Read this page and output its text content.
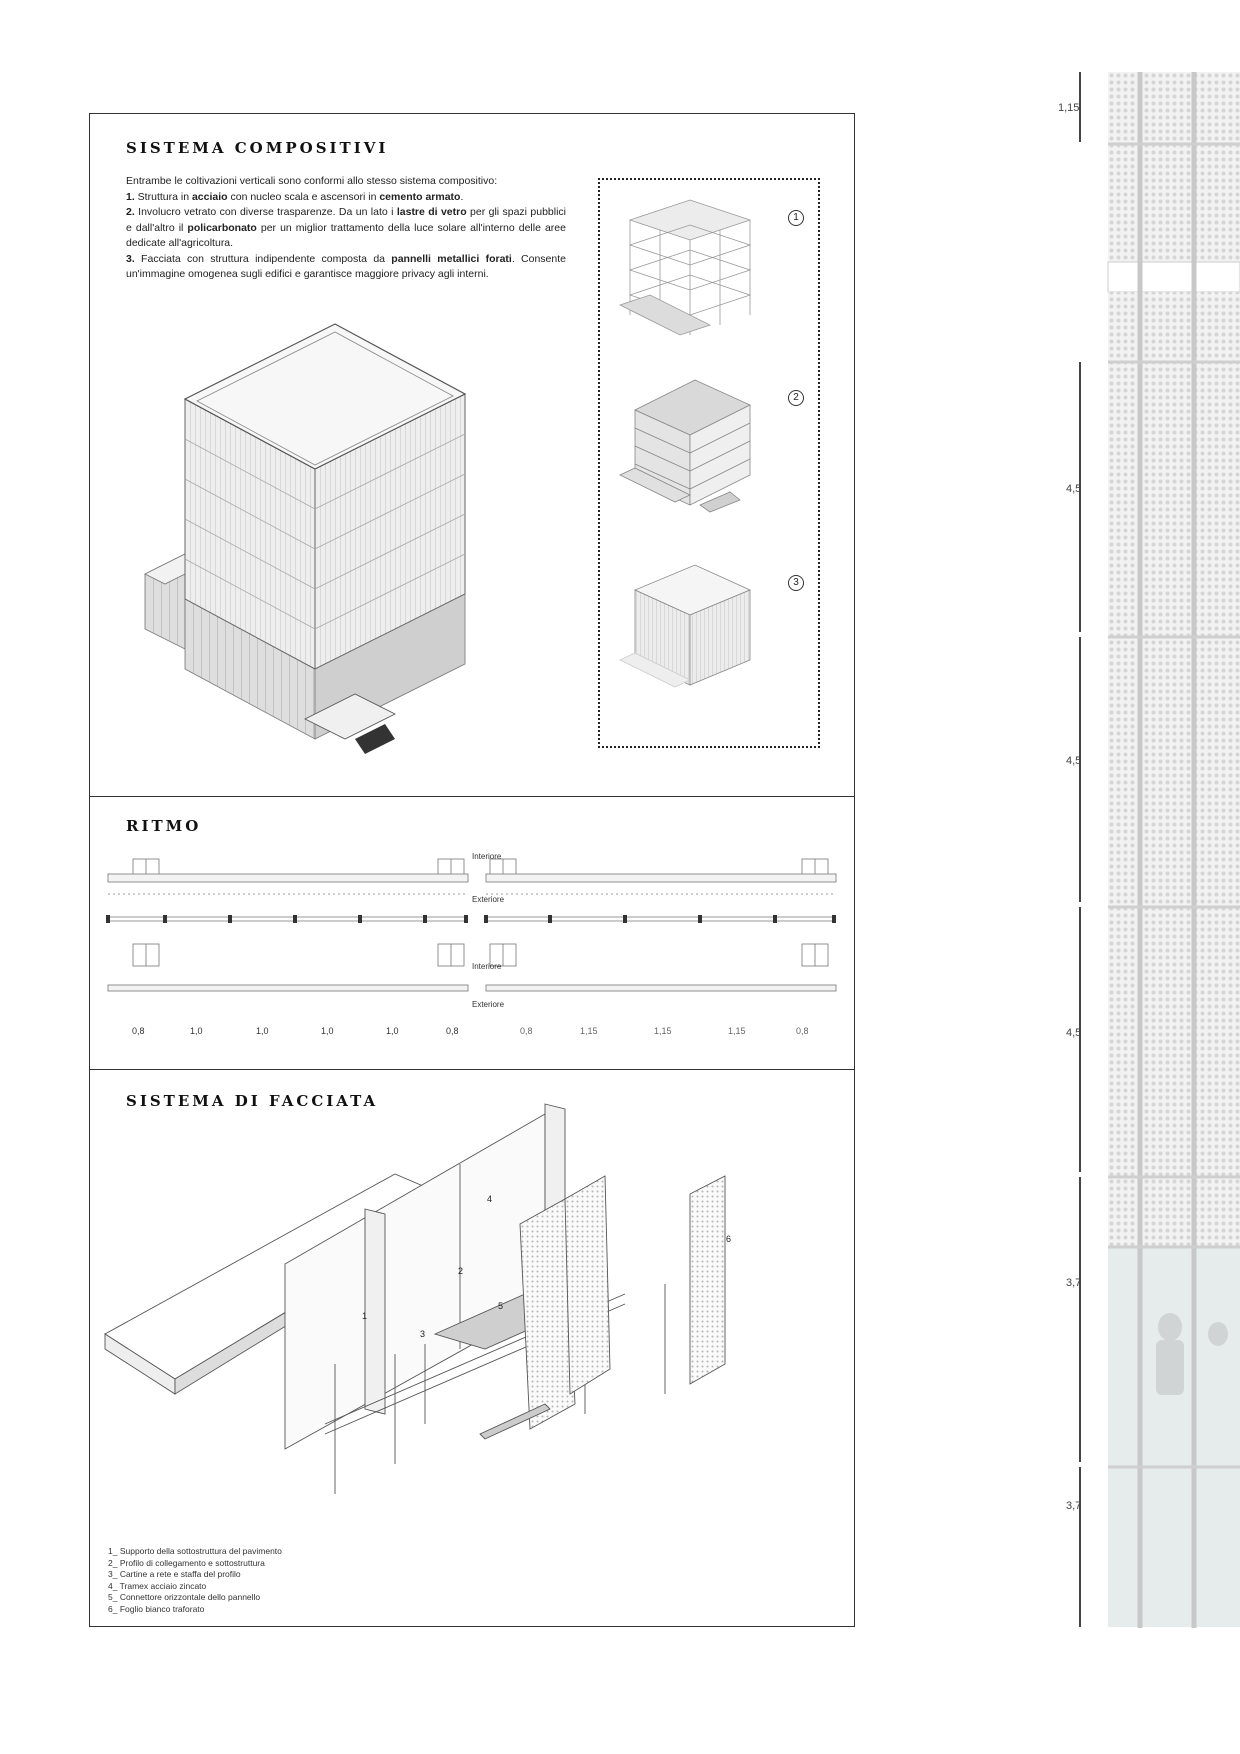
SISTEMA COMPOSITIVI

Entrambe le coltivazioni verticali sono conformi allo stesso sistema compositivo:

1. Struttura in acciaio con nucleo scala e ascensori in cemento armato.

2. Involucro vetrato con diverse trasparenze. Da un lato i lastre di vetro per gli spazi pubblici e dall'altro il policarbonato per un miglior trattamento della luce solare all'interno delle aree dedicate all'agricoltura.

3. Facciata con struttura indipendente composta da pannelli metallici forati. Consente un'immagine omogenea sugli edifici e garantisce maggiore privacy agli interni.

1
2
3
RITMO
Interiore
Exteriore
Interiore
Exteriore
0,8	1,0	1,0	1,0	1,0	0,8	0,8	1,15	1,15	1,15	0,8
SISTEMA DI FACCIATA
1
2
3
4
5
6
1_ Supporto della sottostruttura del pavimento
2_ Profilo di collegamento e sottostruttura
3_ Cartine a rete e staffa del profilo
4_ Tramex acciaio zincato
5_ Connettore orizzontale dello pannello
6_ Foglio bianco traforato
1,15
4,5
4,5
4,5
3,7
3,7
